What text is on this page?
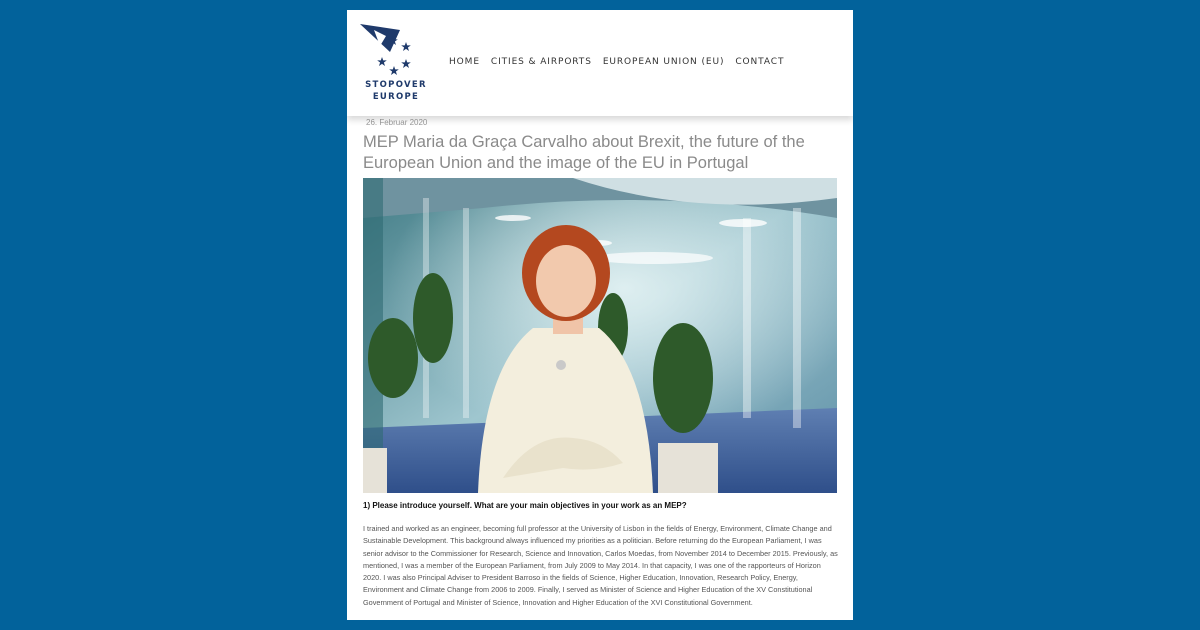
STOPOVER
EUROPE
HOME CITIES & AIRPORTS EUROPEAN UNION (EU) CONTACT
26. Februar 2020
MEP Maria da Graça Carvalho about Brexit, the future of the European Union and the image of the EU in Portugal
1) Please introduce yourself. What are your main objectives in your work as an MEP?

I trained and worked as an engineer, becoming full professor at the University of Lisbon in the fields of Energy, Environment, Climate Change and Sustainable Development. This background always influenced my priorities as a politician. Before returning do the European Parliament, I was senior advisor to the Commissioner for Research, Science and Innovation, Carlos Moedas, from November 2014 to December 2015. Previously, as mentioned, I was a member of the European Parliament, from July 2009 to May 2014. In that capacity, I was one of the rapporteurs of Horizon 2020. I was also Principal Adviser to President Barroso in the fields of Science, Higher Education, Innovation, Research Policy, Energy, Environment and Climate Change from 2006 to 2009. Finally, I served as Minister of Science and Higher Education of the XV Constitutional Government of Portugal and Minister of Science, Innovation and Higher Education of the XVI Constitutional Government.
